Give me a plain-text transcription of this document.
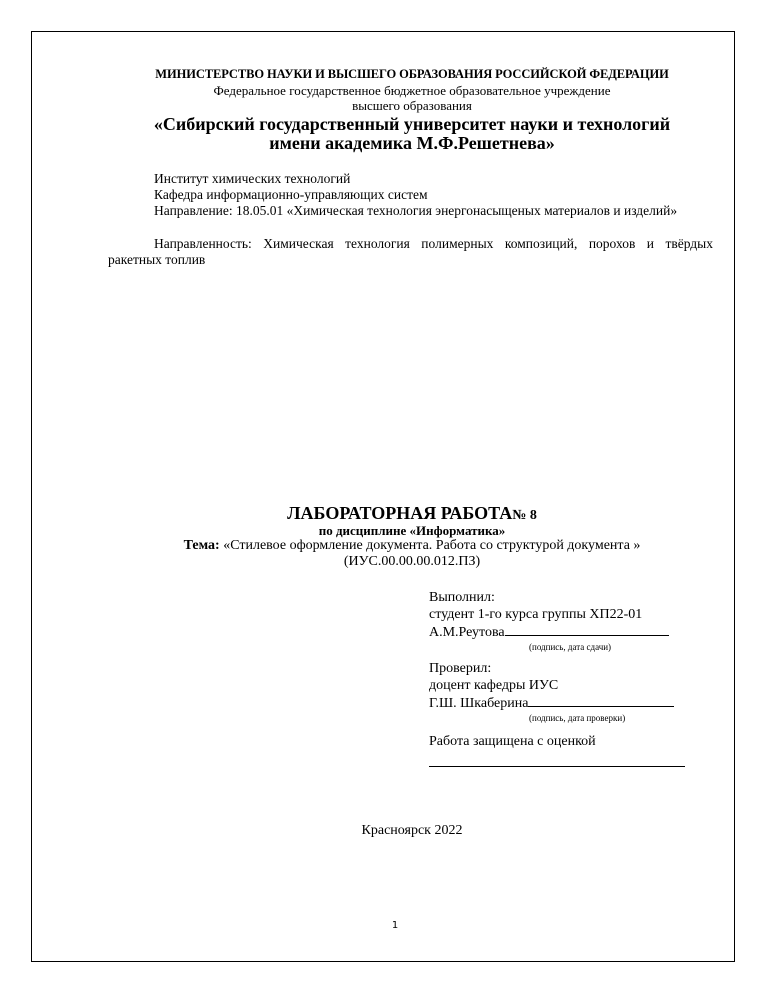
МИНИСТЕРСТВО НАУКИ И ВЫСШЕГО ОБРАЗОВАНИЯ РОССИЙСКОЙ ФЕДЕРАЦИИ
Федеральное государственное бюджетное образовательное учреждение
высшего образования
«Сибирский государственный университет науки и технологий
имени академика М.Ф.Решетнева»
Институт химических технологий
Кафедра информационно-управляющих систем
Направление: 18.05.01 «Химическая технология энергонасыщеных материалов и изделий»
Направленность: Химическая технология полимерных композиций, порохов и твёрдых ракетных топлив
ЛАБОРАТОРНАЯ РАБОТА№ 8
по дисциплине «Информатика»
Тема: «Стилевое оформление документа. Работа со структурой документа »
(ИУС.00.00.00.012.ПЗ)
Выполнил:
студент 1-го курса группы ХП22-01
А.М.Реутова
(подпись, дата сдачи)
Проверил:
доцент кафедры ИУС
Г.Ш. Шкаберина
(подпись, дата проверки)
Работа защищена с оценкой
Красноярск 2022
1
